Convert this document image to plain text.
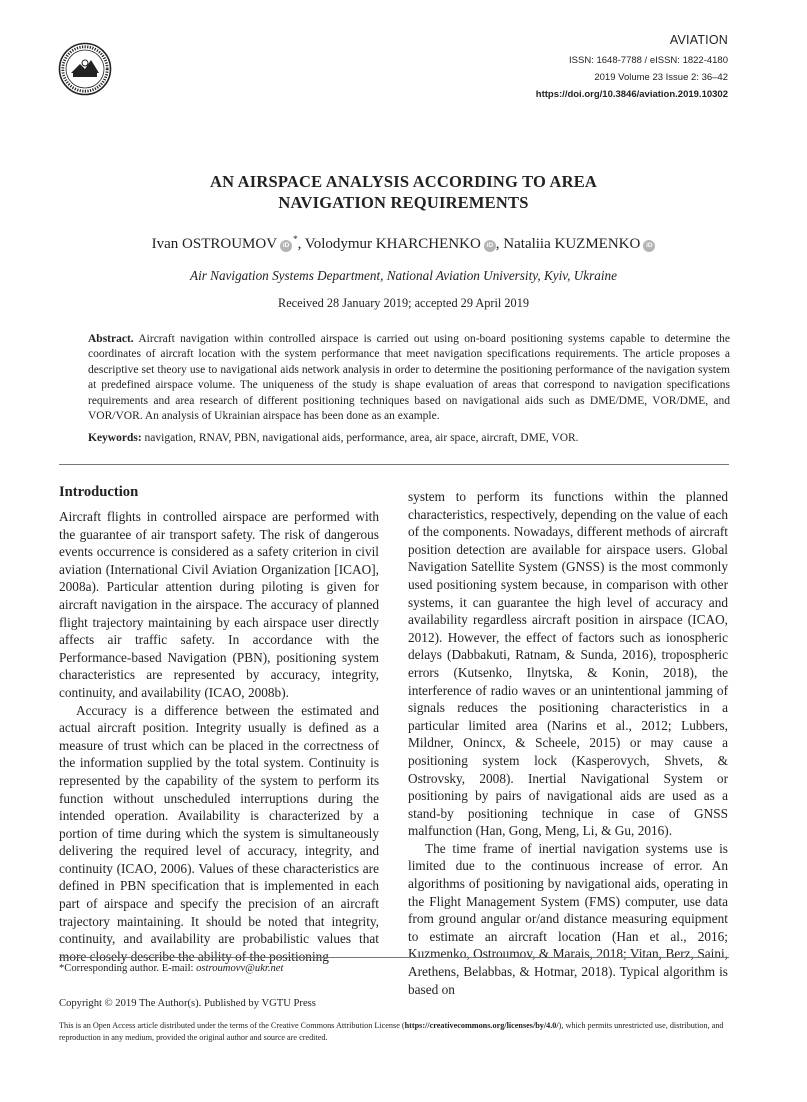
AVIATION
ISSN: 1648-7788 / eISSN: 1822-4180
2019 Volume 23 Issue 2: 36–42
https://doi.org/10.3846/aviation.2019.10302
AN AIRSPACE ANALYSIS ACCORDING TO AREA
NAVIGATION REQUIREMENTS
Ivan OSTROUMOV iD*, Volodymur KHARCHENKO iD , Nataliia KUZMENKO iD
Air Navigation Systems Department, National Aviation University, Kyiv, Ukraine
Received 28 January 2019; accepted 29 April 2019

Abstract. Aircraft navigation within controlled airspace is carried out using on-board positioning systems capable to determine the coordinates of aircraft location with the system performance that meet navigation specifications requirements. The article proposes a descriptive set theory use to navigational aids network analysis in order to determine the positioning performance of the navigation system at predefined airspace volume. The uniqueness of the study is shape evaluation of areas that correspond to navigation specifications requirements and area research of different positioning techniques based on navigational aids such as DME/DME, VOR/DME, and VOR/VOR. An analysis of Ukrainian airspace has been done as an example.

Keywords: navigation, RNAV, PBN, navigational aids, performance, area, air space, aircraft, DME, VOR.

Introduction

Aircraft flights in controlled airspace are performed with the guarantee of air transport safety. The risk of dangerous events occurrence is considered as a safety criterion in civil aviation (International Civil Aviation Organization [ICAO], 2008a). Particular attention during piloting is given for aircraft navigation in the airspace. The accuracy of planned flight trajectory maintaining by each airspace user directly affects air traffic safety. In accordance with the Performance-based Navigation (PBN), positioning system characteristics are represented by accuracy, integrity, continuity, and availability (ICAO, 2008b).

Accuracy is a difference between the estimated and actual aircraft position. Integrity usually is defined as a measure of trust which can be placed in the correctness of the information supplied by the total system. Continuity is represented by the capability of the system to perform its function without unscheduled interruptions during the intended operation. Availability is characterized by a portion of time during which the system is simultaneously delivering the required level of accuracy, integrity, and continuity (ICAO, 2006). Values of these characteristics are defined in PBN specification that is implemented in each part of airspace and specify the precision of an aircraft trajectory maintaining. It should be noted that integrity, continuity, and availability are probabilistic values that more closely describe the ability of the positioning

system to perform its functions within the planned characteristics, respectively, depending on the value of each of the components. Nowadays, different methods of aircraft position detection are available for airspace users. Global Navigation Satellite System (GNSS) is the most commonly used positioning system because, in comparison with other systems, it can guarantee the high level of accuracy and availability regardless aircraft position in airspace (ICAO, 2012). However, the effect of factors such as ionospheric delays (Dabbakuti, Ratnam, & Sunda, 2016), tropospheric errors (Kutsenko, Ilnytska, & Konin, 2018), the interference of radio waves or an unintentional jamming of signals reduces the positioning characteristics in a particular limited area (Narins et al., 2012; Lubbers, Mildner, Onincx, & Scheele, 2015) or may cause a positioning system lock (Kasperovych, Shvets, & Ostrovsky, 2008). Inertial Navigational System or positioning by pairs of navigational aids are used as a stand-by positioning technique in case of GNSS malfunction (Han, Gong, Meng, Li, & Gu, 2016).

The time frame of inertial navigation systems use is limited due to the continuous increase of error. An algorithms of positioning by navigational aids, operating in the Flight Management System (FMS) computer, use data from ground angular or/and distance measuring equipment to estimate an aircraft location (Han et al., 2016; Kuzmenko, Ostroumov, & Marais, 2018; Vitan, Berz, Saini, Arethens, Belabbas, & Hotmar, 2018). Typical algorithm is based on

*Corresponding author. E-mail: ostroumovv@ukr.net
Copyright © 2019 The Author(s). Published by VGTU Press
This is an Open Access article distributed under the terms of the Creative Commons Attribution License (https://creativecommons.org/licenses/by/4.0/), which permits unrestricted use, distribution, and reproduction in any medium, provided the original author and source are credited.
